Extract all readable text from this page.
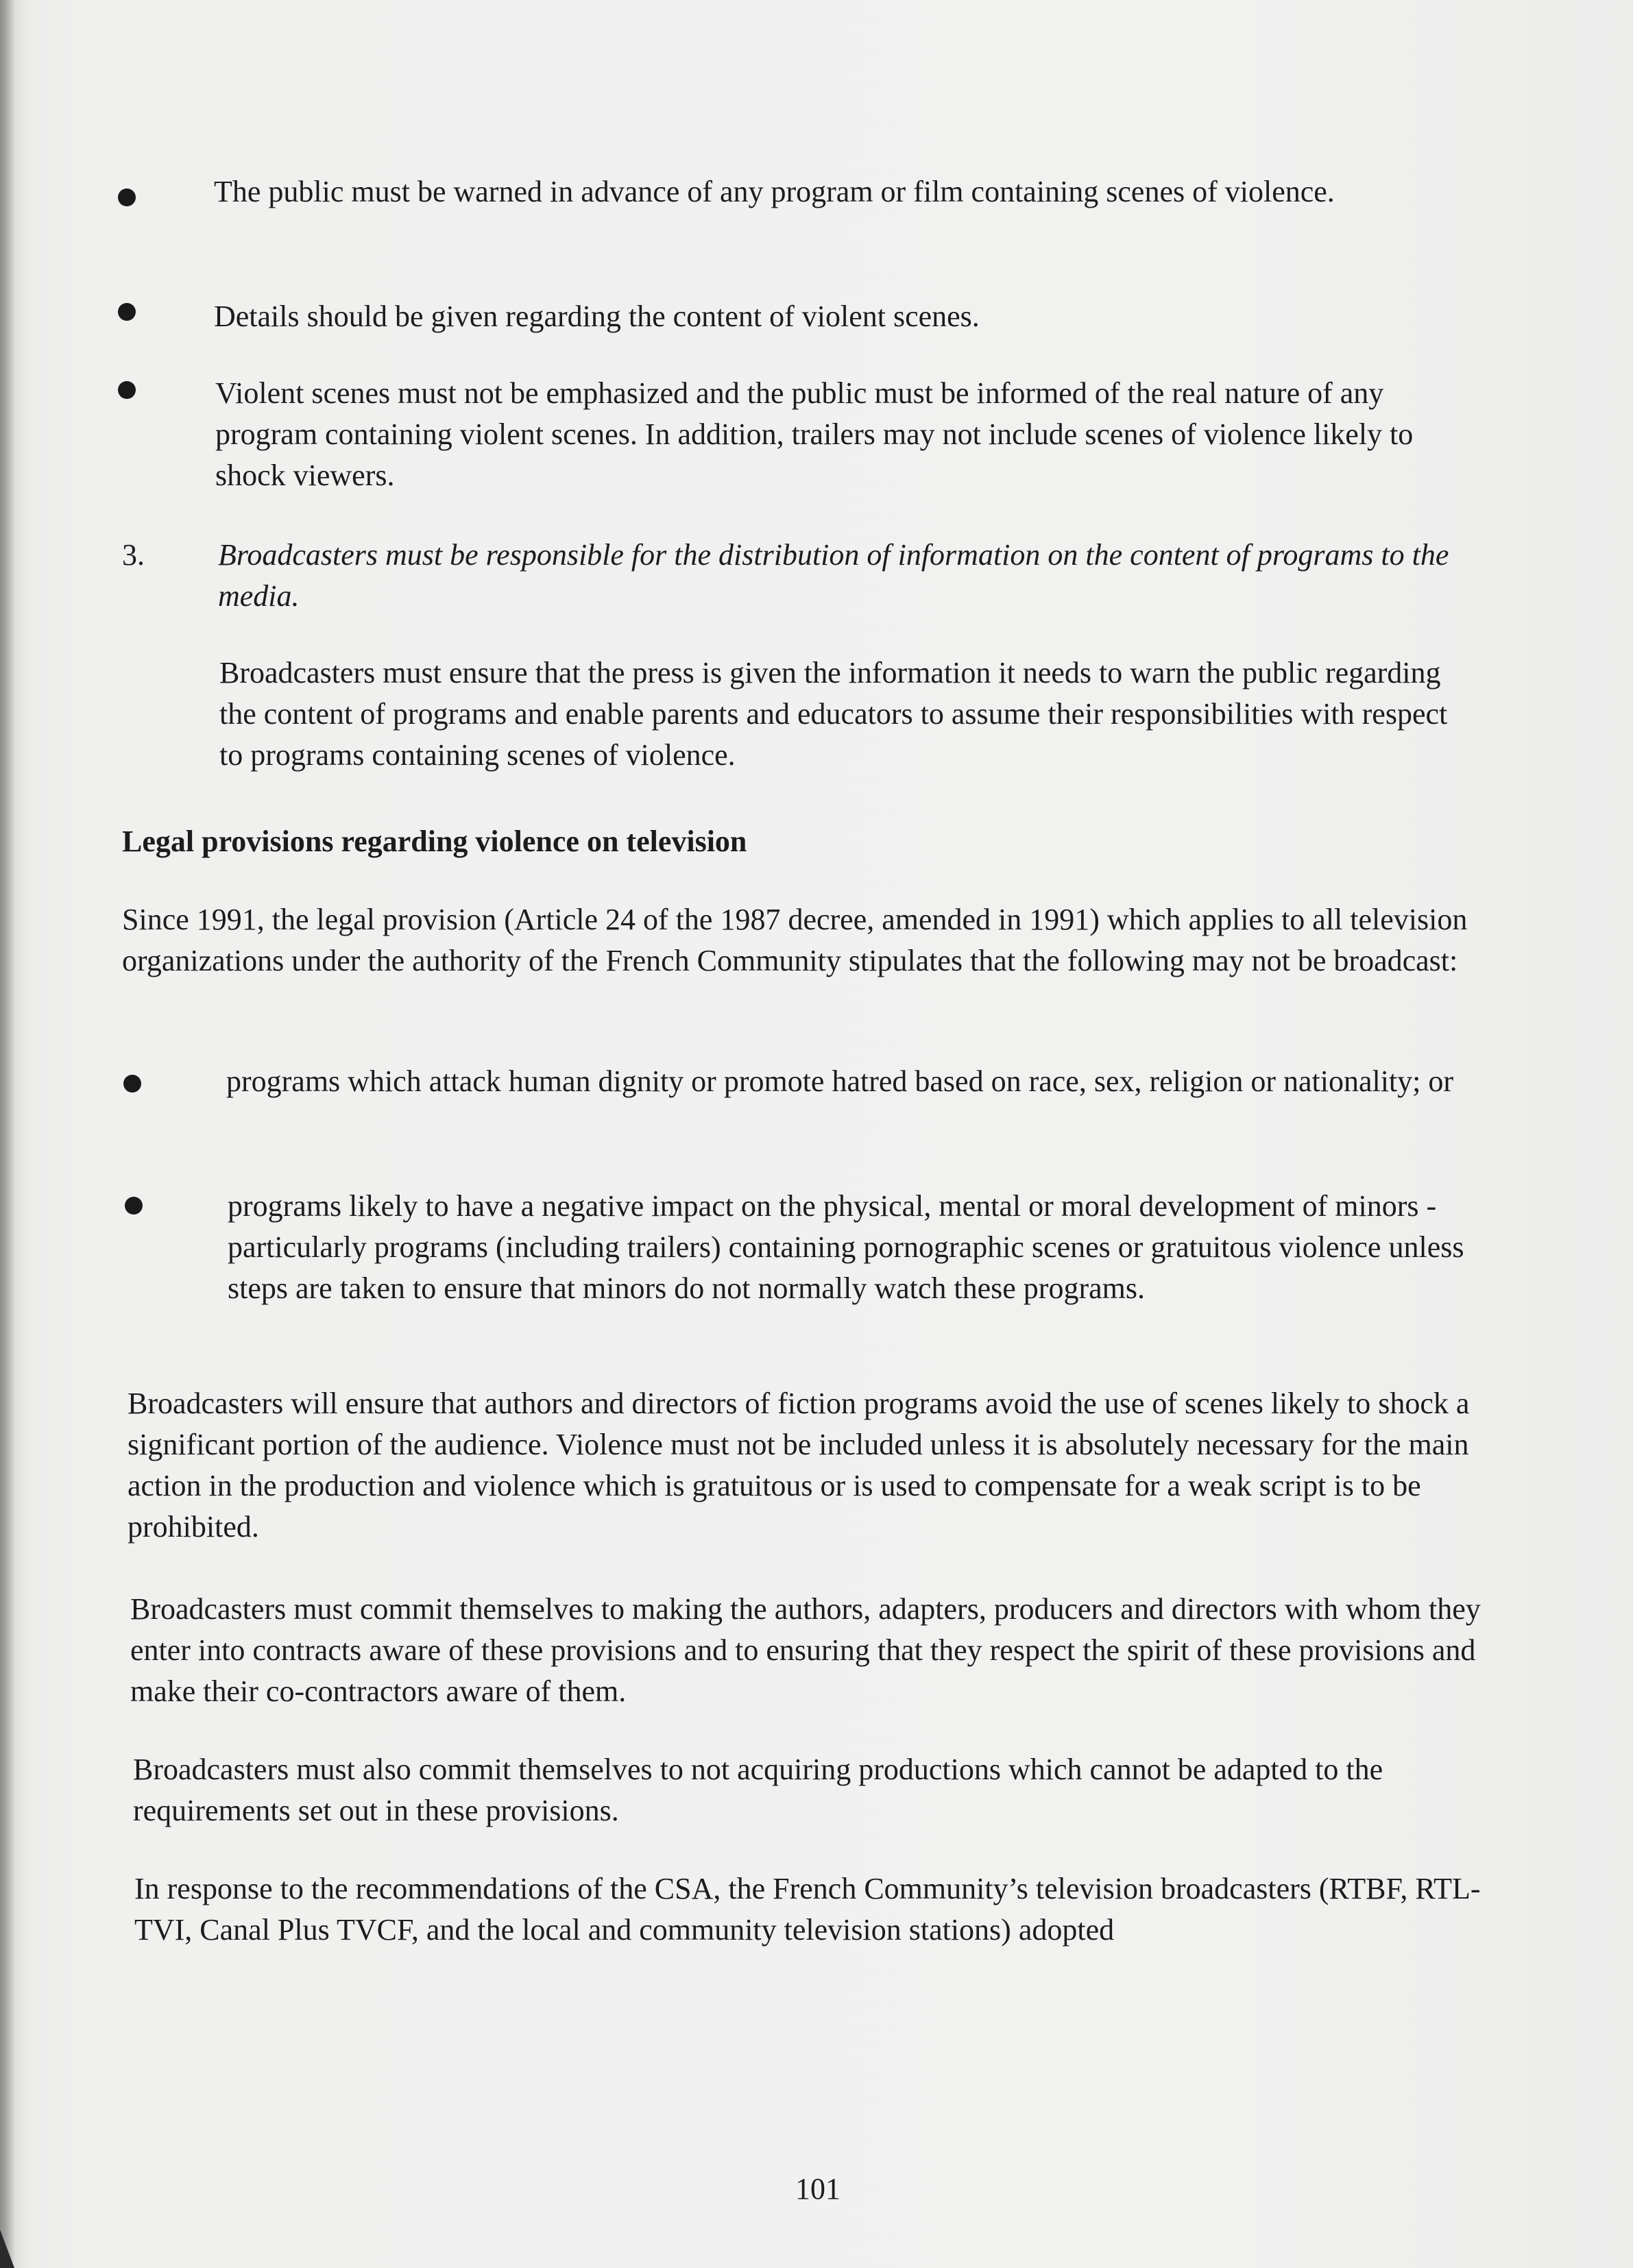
The public must be warned in advance of any program or film containing scenes of violence.

Details should be given regarding the content of violent scenes.

Violent scenes must not be emphasized and the public must be informed of the real nature of any program containing violent scenes. In addition, trailers may not include scenes of violence likely to shock viewers.

3. Broadcasters must be responsible for the distribution of information on the content of programs to the media.

Broadcasters must ensure that the press is given the information it needs to warn the public regarding the content of programs and enable parents and educators to assume their responsibilities with respect to programs containing scenes of violence.

Legal provisions regarding violence on television

Since 1991, the legal provision (Article 24 of the 1987 decree, amended in 1991) which applies to all television organizations under the authority of the French Community stipulates that the following may not be broadcast:

programs which attack human dignity or promote hatred based on race, sex, religion or nationality; or

programs likely to have a negative impact on the physical, mental or moral development of minors - particularly programs (including trailers) containing pornographic scenes or gratuitous violence unless steps are taken to ensure that minors do not normally watch these programs.

Broadcasters will ensure that authors and directors of fiction programs avoid the use of scenes likely to shock a significant portion of the audience. Violence must not be included unless it is absolutely necessary for the main action in the production and violence which is gratuitous or is used to compensate for a weak script is to be prohibited.

Broadcasters must commit themselves to making the authors, adapters, producers and directors with whom they enter into contracts aware of these provisions and to ensuring that they respect the spirit of these provisions and make their co-contractors aware of them.

Broadcasters must also commit themselves to not acquiring productions which cannot be adapted to the requirements set out in these provisions.

In response to the recommendations of the CSA, the French Community’s television broadcasters (RTBF, RTL-TVI, Canal Plus TVCF, and the local and community television stations) adopted

101
